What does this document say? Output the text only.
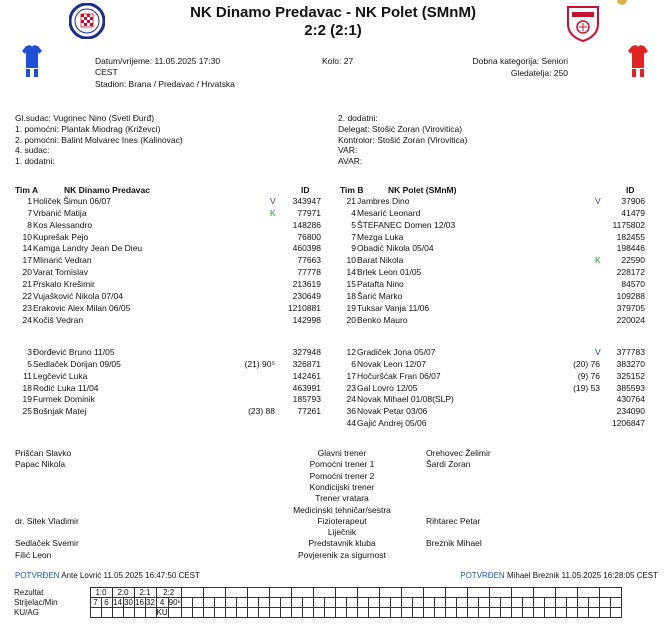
NK Dinamo Predavac - NK Polet (SMnM)
2:2 (2:1)
Datum/vrijeme: 11.05.2025 17:30
CEST
Stadion: Brana / Predavac / Hrvatska
Kolo: 27	Dobna kategorija: Seniori
Gledatelja: 250
Gl.sudac: Vugrinec Nino (Sveti Đurđ)
1. pomoćni: Plantak Miodrag (Križevci)
2. pomoćni: Balint Molvarec Ines (Kalinovac)
4. sudac:
1. dodatni:
2. dodatni:
Delegat: Stošić Zoran (Virovitica)
Kontrolor: Stošić Zoran (Virovitica)
VAR:
AVAR:
Tim A	NK Dinamo Predavac	ID	Tim B	NK Polet (SMnM)	ID
1 Holiček Šimun 06/07	V 343947
7 Vrbanić Matija	K	77971
8 Kos Alessandro	148286
10 Kuprešak Pejo	76800
14 Kamga Landry Jean De Dieu	460398
17 Mlinarić Vedran	77663
20 Varat Tomislav	77778
21 Prskalo Krešimir	213619
22 Vujašković Nikola 07/04	230649
23 Erakovic Alex Milan 06/05	1210881
24 Kočiš Vedran	142998
3 Đorđević Bruno 11/05	327948
5 Sedlaček Dorijan 09/05	(21) 90⁵ 326871
11 Legčević Luka	142461
18 Rodić Luka 11/04	463991
19 Furmek Dominik	185793
25 Bošnjak Matej	(23) 88	77261
21 Jambres Dino	V 37906
4 Mesarić Leonard	41479
5 ŠTEFANEC Domen 12/03	1175802
7 Mezga Luka	182455
9 Obadić Nikola 05/04	198446
10 Barat Nikola	K 22590
14 Brlek Leon 01/05	228172
15 Patafta Nino	84570
18 Šarić Marko	109288
19 Tuksar Vanja 11/06	379705
20 Benko Mauro	220024
12 Gradiček Jona 05/07	V 377783
6 Novak Leon 12/07	(20) 76 383270
17 Hočuršćak Fran 06/07	(9) 76 325152
23 Gal Lovro 12/05	(19) 53 385593
24 Novak Mihael 01/08(SLP)	430764
36 Novak Petar 03/06	234090
44 Gajić Andrej 05/06	1206847
Glavni trener
Prišćan Slavko	Orehovec Želimir
Pomoćni trener 1
Papac Nikola	Šardi Zoran
Pomoćni trener 2
Kondicijski trener
Trener vratara
Medicinski tehničar/sestra
Fizioterapeut
dr. Sitek Vladimir	Rihtarec Petar
Liječnik
Predstavnik kluba
Sedlaček Svemir	Breznik Mihael
Povjerenik za sigurnost
Filić Leon
POTVRĐEN Ante Lovrić 11.05.2025 16:47:50 CEST	POTVRĐEN Mihael Breznik 11.05.2025 16:28:05 CEST
Rezultat	1:0		2:0		2:1		2:2																																									
Strijelac/Min	7	6	14	30	16	32	4	90⁶																																								
KU/AG							KU																																									
